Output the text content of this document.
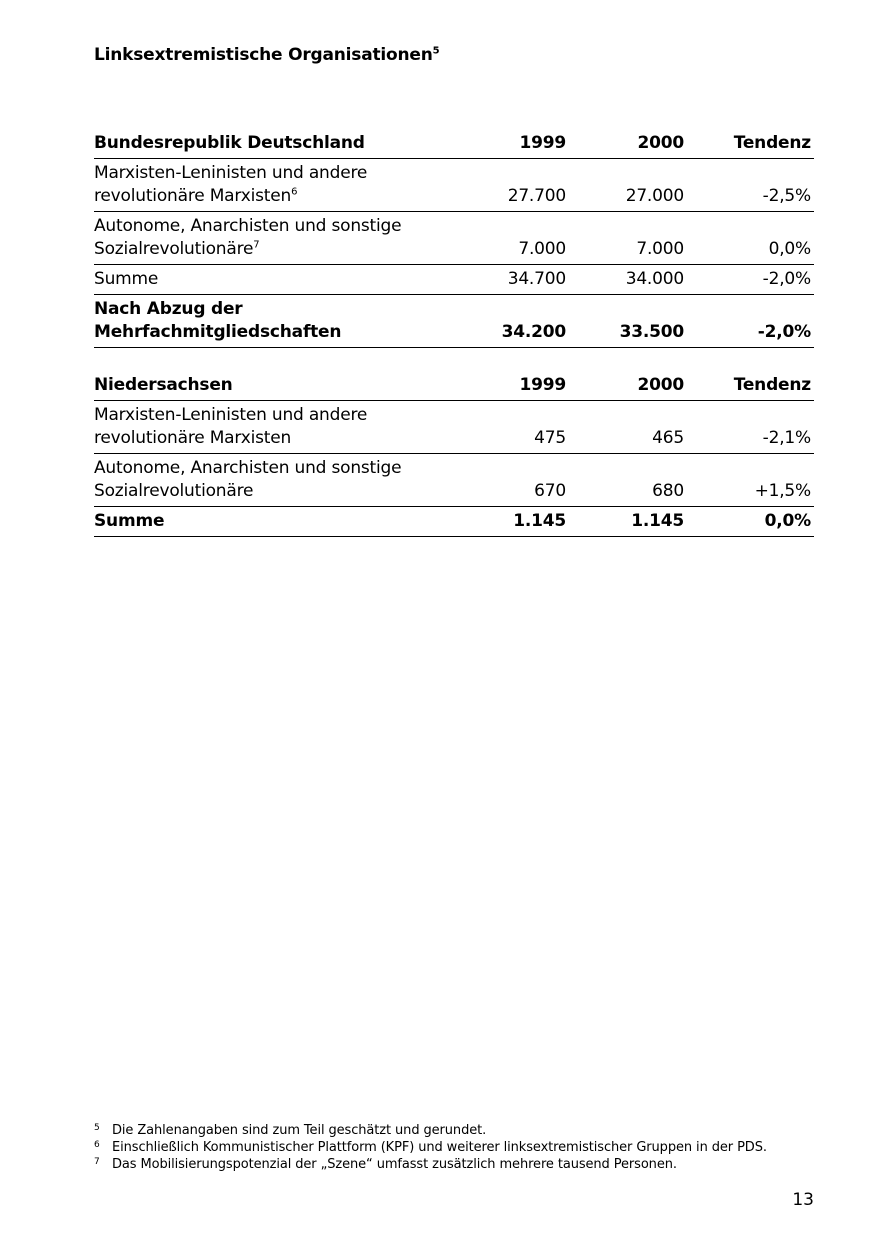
Linksextremistische Organisationen$^5$
Bundesrepublik Deutschland	1999	2000	Tendenz
Marxisten-Leninisten und andere
revolutionäre Marxisten$^6$	27.700	27.000	-2,5%
Autonome, Anarchisten und sonstige
Sozialrevolutionäre$^7$	7.000	7.000	0,0%
Summe	34.700	34.000	-2,0%
Nach Abzug der Mehrfachmitgliedschaften	34.200	33.500	-2,0%
Niedersachsen	1999	2000	Tendenz
Marxisten-Leninisten und andere
revolutionäre Marxisten	475	465	-2,1%
Autonome, Anarchisten und sonstige
Sozialrevolutionäre	670	680	+1,5%
Summe	1.145	1.145	0,0%
5 Die Zahlenangaben sind zum Teil geschätzt und gerundet.
6 Einschließlich Kommunistischer Plattform (KPF) und weiterer linksextremistischer Gruppen in der PDS.
7 Das Mobilisierungspotenzial der „Szene“ umfasst zusätzlich mehrere tausend Personen.
13
